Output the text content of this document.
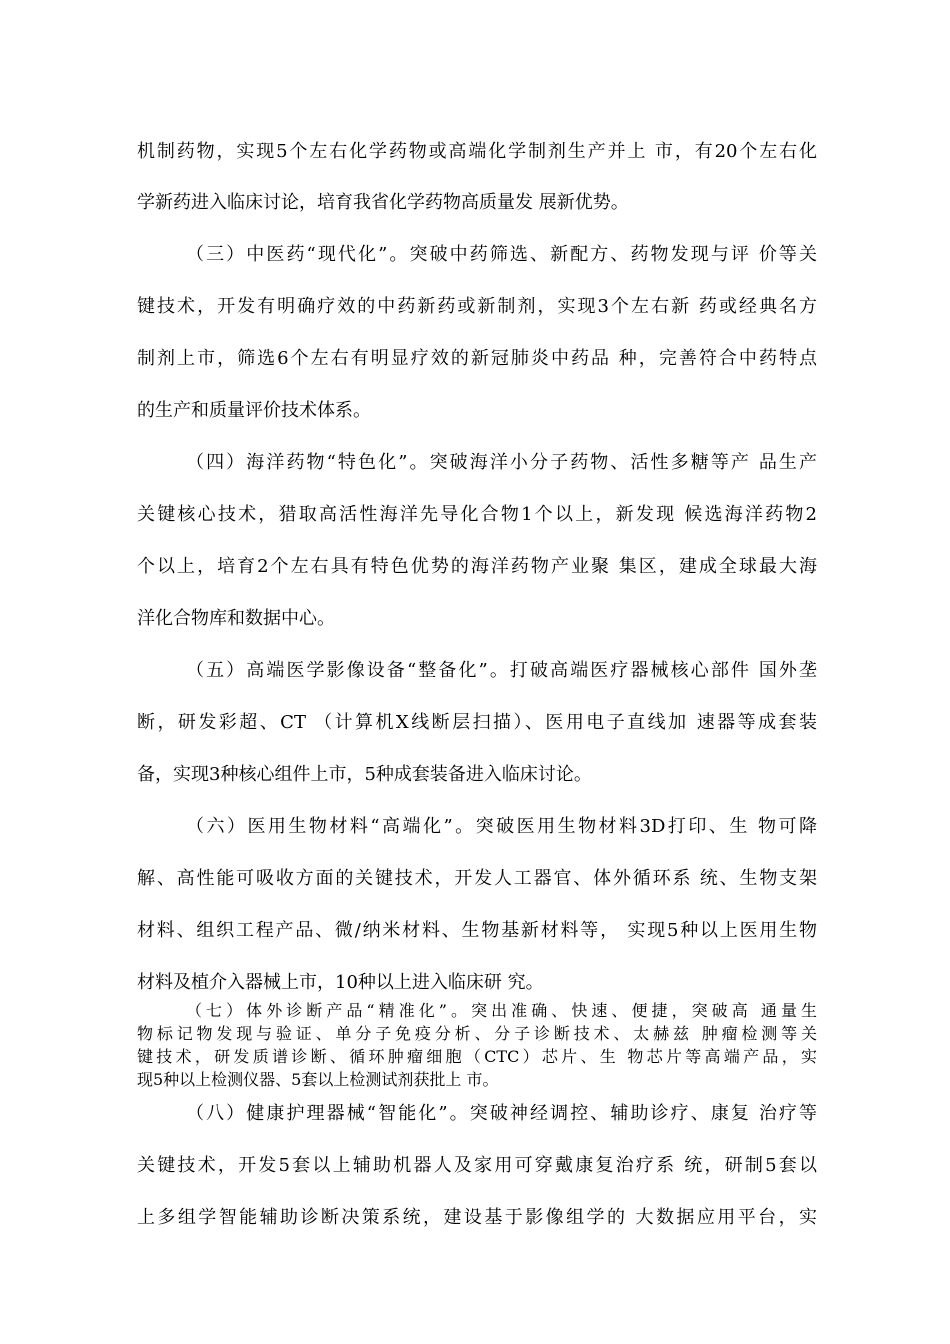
机制药物，实现5个左右化学药物或高端化学制剂生产并上 市，有20个左右化
学新药进入临床讨论，培育我省化学药物高质量发 展新优势。
（三）中医药“现代化”。突破中药筛选、新配方、药物发现与评 价等关
键技术，开发有明确疗效的中药新药或新制剂，实现3个左右新 药或经典名方
制剂上市，筛选6个左右有明显疗效的新冠肺炎中药品 种，完善符合中药特点
的生产和质量评价技术体系。
（四）海洋药物“特色化”。突破海洋小分子药物、活性多糖等产 品生产
关键核心技术，猎取高活性海洋先导化合物1个以上，新发现 候选海洋药物2
个以上，培育2个左右具有特色优势的海洋药物产业聚 集区，建成全球最大海
洋化合物库和数据中心。
（五）高端医学影像设备“整备化”。打破高端医疗器械核心部件 国外垄
断，研发彩超、CT （计算机X线断层扫描）、医用电子直线加 速器等成套装
备，实现3种核心组件上市，5种成套装备进入临床讨论。
（六）医用生物材料“高端化”。突破医用生物材料3D打印、生 物可降
解、高性能可吸收方面的关键技术，开发人工器官、体外循环系 统、生物支架
材料、组织工程产品、微/纳米材料、生物基新材料等， 实现5种以上医用生物
材料及植介入器械上市，10种以上进入临床研 究。
（七）体外诊断产品“精准化”。突出准确、快速、便捷，突破高 通量生
物标记物发现与验证、单分子免疫分析、分子诊断技术、太赫兹 肿瘤检测等关
键技术，研发质谱诊断、循环肿瘤细胞（CTC）芯片、生 物芯片等高端产品，实
现5种以上检测仪器、5套以上检测试剂获批上 市。
（八）健康护理器械“智能化”。突破神经调控、辅助诊疗、康复 治疗等
关键技术，开发5套以上辅助机器人及家用可穿戴康复治疗系 统，研制5套以
上多组学智能辅助诊断决策系统，建设基于影像组学的 大数据应用平台，实
